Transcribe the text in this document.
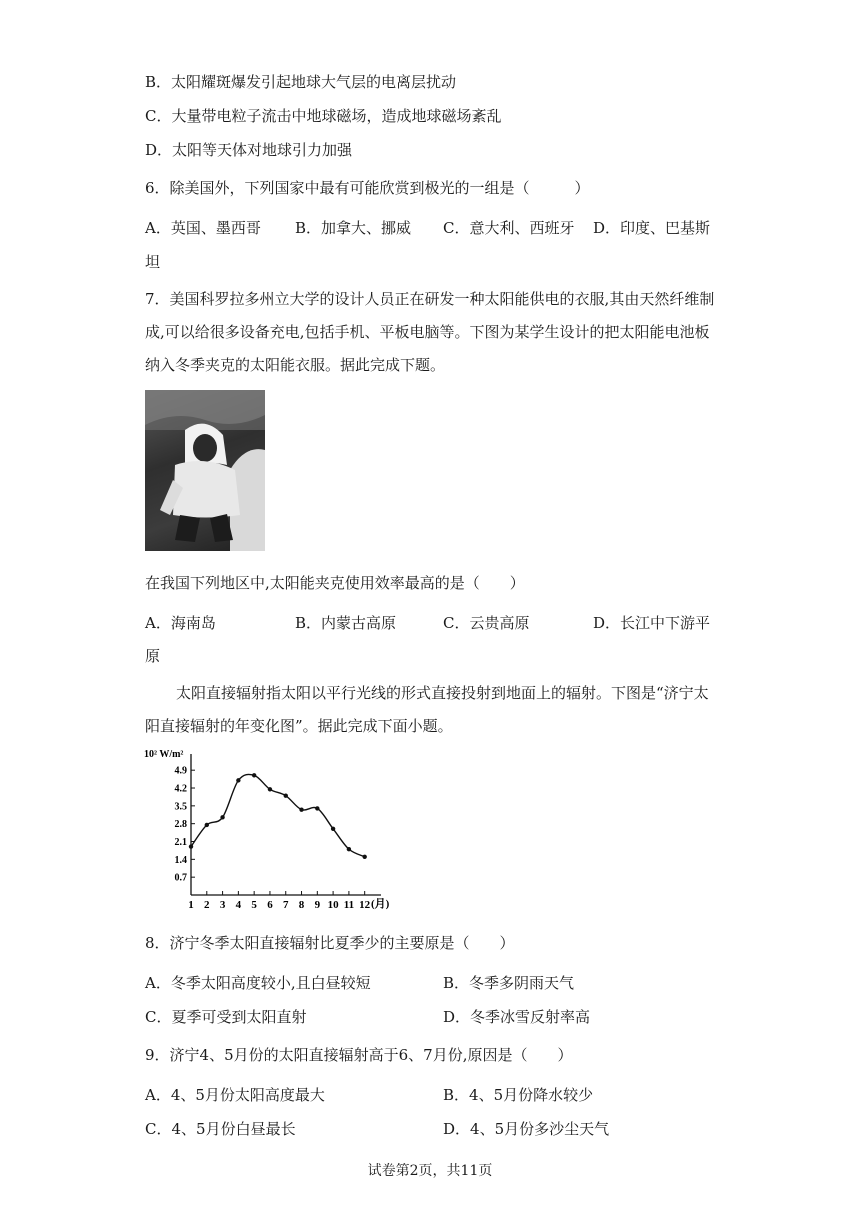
B．太阳耀斑爆发引起地球大气层的电离层扰动
C．大量带电粒子流击中地球磁场，造成地球磁场紊乱
D．太阳等天体对地球引力加强
6．除美国外，下列国家中最有可能欣赏到极光的一组是（　　　）
A．英国、墨西哥 B．加拿大、挪威 C．意大利、西班牙 D．印度、巴基斯
坦
7．美国科罗拉多州立大学的设计人员正在研发一种太阳能供电的衣服,其由天然纤维制
成,可以给很多设备充电,包括手机、平板电脑等。下图为某学生设计的把太阳能电池板
纳入冬季夹克的太阳能衣服。据此完成下题。
在我国下列地区中,太阳能夹克使用效率最高的是（　　）
A．海南岛	B．内蒙古高原	C．云贵高原	D．长江中下游平
原
太阳直接辐射指太阳以平行光线的形式直接投射到地面上的辐射。下图是“济宁太
阳直接辐射的年变化图”。据此完成下面小题。
0.7
1.4
2.1
2.8
3.5
4.2
4.9
1 2 3 4 5 6 7 8 9 10 11 12
10² W/m²
(月)
8．济宁冬季太阳直接辐射比夏季少的主要原是（　　）
A．冬季太阳高度较小,且白昼较短	B．冬季多阴雨天气
C．夏季可受到太阳直射	D．冬季冰雪反射率高
9．济宁4、5月份的太阳直接辐射高于6、7月份,原因是（　　）
A．4、5月份太阳高度最大	B．4、5月份降水较少
C．4、5月份白昼最长	D．4、5月份多沙尘天气
试卷第2页，共11页
